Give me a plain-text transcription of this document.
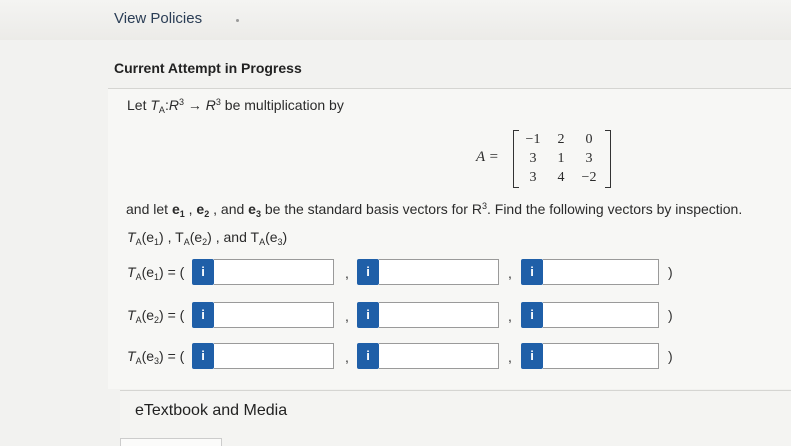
View Policies
Current Attempt in Progress
Let $T_A:R^3 \to R^3$ be multiplication by
A =
−1	2	0
3	1	3
3	4	−2
and let $e_1$ , $e_2$ , and $e_3$ be the standard basis vectors for $R^3$. Find the following vectors by inspection.
$T_A(e_1)$ , $T_A(e_2)$ , and $T_A(e_3)$
$T_A(e_1)$ = (	i	,	i	,	i	)
$T_A(e_2)$ = (	i	,	i	,	i	)
$T_A(e_3)$ = (	i	,	i	,	i	)
eTextbook and Media
